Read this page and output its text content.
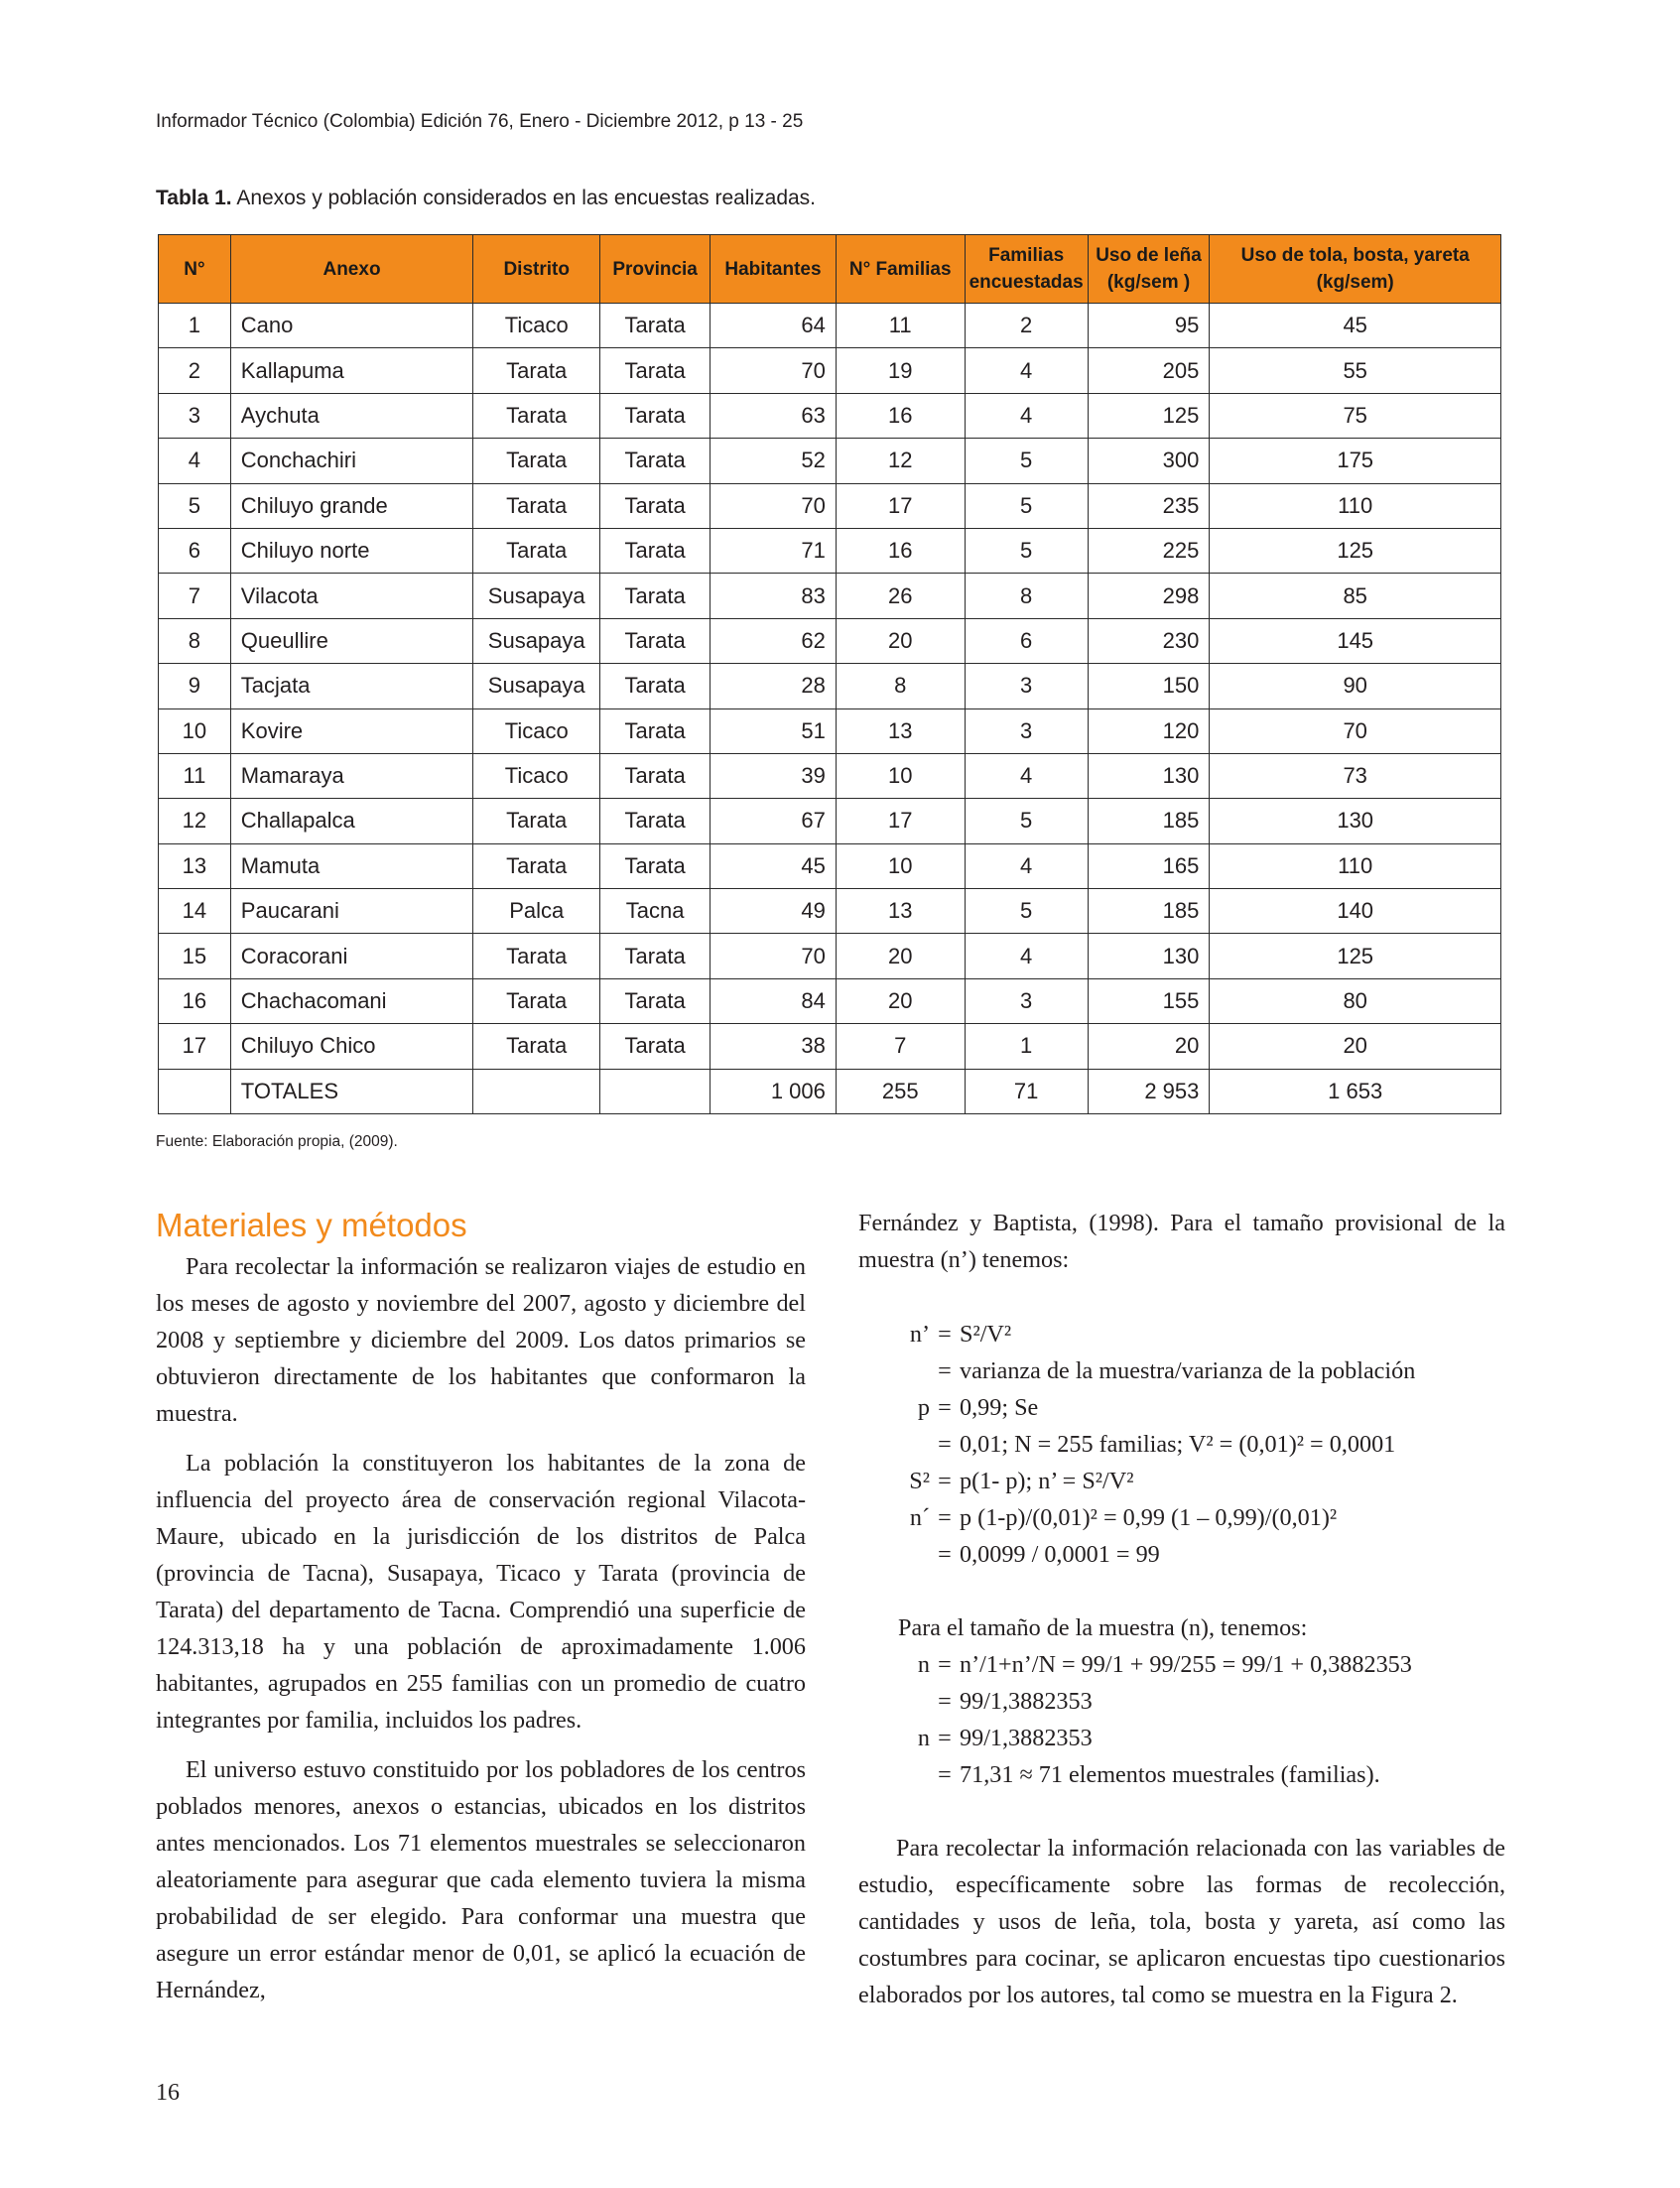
Informador Técnico (Colombia) Edición 76, Enero - Diciembre 2012, p 13 - 25
Tabla 1. Anexos y población considerados en las encuestas realizadas.
N°	Anexo	Distrito	Provincia	Habitantes	N° Familias	Familias encuestadas	Uso de leña (kg/sem )	Uso de tola, bosta, yareta (kg/sem)
1	Cano	Ticaco	Tarata	64	11	2	95	45
2	Kallapuma	Tarata	Tarata	70	19	4	205	55
3	Aychuta	Tarata	Tarata	63	16	4	125	75
4	Conchachiri	Tarata	Tarata	52	12	5	300	175
5	Chiluyo grande	Tarata	Tarata	70	17	5	235	110
6	Chiluyo norte	Tarata	Tarata	71	16	5	225	125
7	Vilacota	Susapaya	Tarata	83	26	8	298	85
8	Queullire	Susapaya	Tarata	62	20	6	230	145
9	Tacjata	Susapaya	Tarata	28	8	3	150	90
10	Kovire	Ticaco	Tarata	51	13	3	120	70
11	Mamaraya	Ticaco	Tarata	39	10	4	130	73
12	Challapalca	Tarata	Tarata	67	17	5	185	130
13	Mamuta	Tarata	Tarata	45	10	4	165	110
14	Paucarani	Palca	Tacna	49	13	5	185	140
15	Coracorani	Tarata	Tarata	70	20	4	130	125
16	Chachacomani	Tarata	Tarata	84	20	3	155	80
17	Chiluyo Chico	Tarata	Tarata	38	7	1	20	20
	TOTALES			1 006	255	71	2 953	1 653
Fuente: Elaboración propia, (2009).
Materiales y métodos

Para recolectar la información se realizaron viajes de estudio en los meses de agosto y noviembre del 2007, agosto y diciembre del 2008 y septiembre y diciembre del 2009. Los datos primarios se obtuvieron directamente de los habitantes que conformaron la muestra.

La población la constituyeron los habitantes de la zona de influencia del proyecto área de conservación regional Vilacota-Maure, ubicado en la jurisdicción de los distritos de Palca (provincia de Tacna), Susapaya, Ticaco y Tarata (provincia de Tarata) del departamento de Tacna. Comprendió una superficie de 124.313,18 ha y una población de aproximadamente 1.006 habitantes, agrupados en 255 familias con un promedio de cuatro integrantes por familia, incluidos los padres.

El universo estuvo constituido por los pobladores de los centros poblados menores, anexos o estancias, ubicados en los distritos antes mencionados. Los 71 elementos muestrales se seleccionaron aleatoriamente para asegurar que cada elemento tuviera la misma probabilidad de ser elegido. Para conformar una muestra que asegure un error estándar menor de 0,01, se aplicó la ecuación de Hernández,

Fernández y Baptista, (1998). Para el tamaño provisional de la muestra (n’) tenemos:

n’ = S²/V²
= varianza de la muestra/varianza de la población
p = 0,99; Se
= 0,01; N = 255 familias; V² = (0,01)² = 0,0001
S² = p(1- p); n’ = S²/V²
n´ = p (1-p)/(0,01)² = 0,99 (1 – 0,99)/(0,01)²
= 0,0099 / 0,0001 = 99
Para el tamaño de la muestra (n), tenemos:
n = n’/1+n’/N = 99/1 + 99/255 = 99/1 + 0,3882353
= 99/1,3882353
n = 99/1,3882353
= 71,31 ≈ 71 elementos muestrales (familias).

Para recolectar la información relacionada con las variables de estudio, específicamente sobre las formas de recolección, cantidades y usos de leña, tola, bosta y yareta, así como las costumbres para cocinar, se aplicaron encuestas tipo cuestionarios elaborados por los autores, tal como se muestra en la Figura 2.

16
